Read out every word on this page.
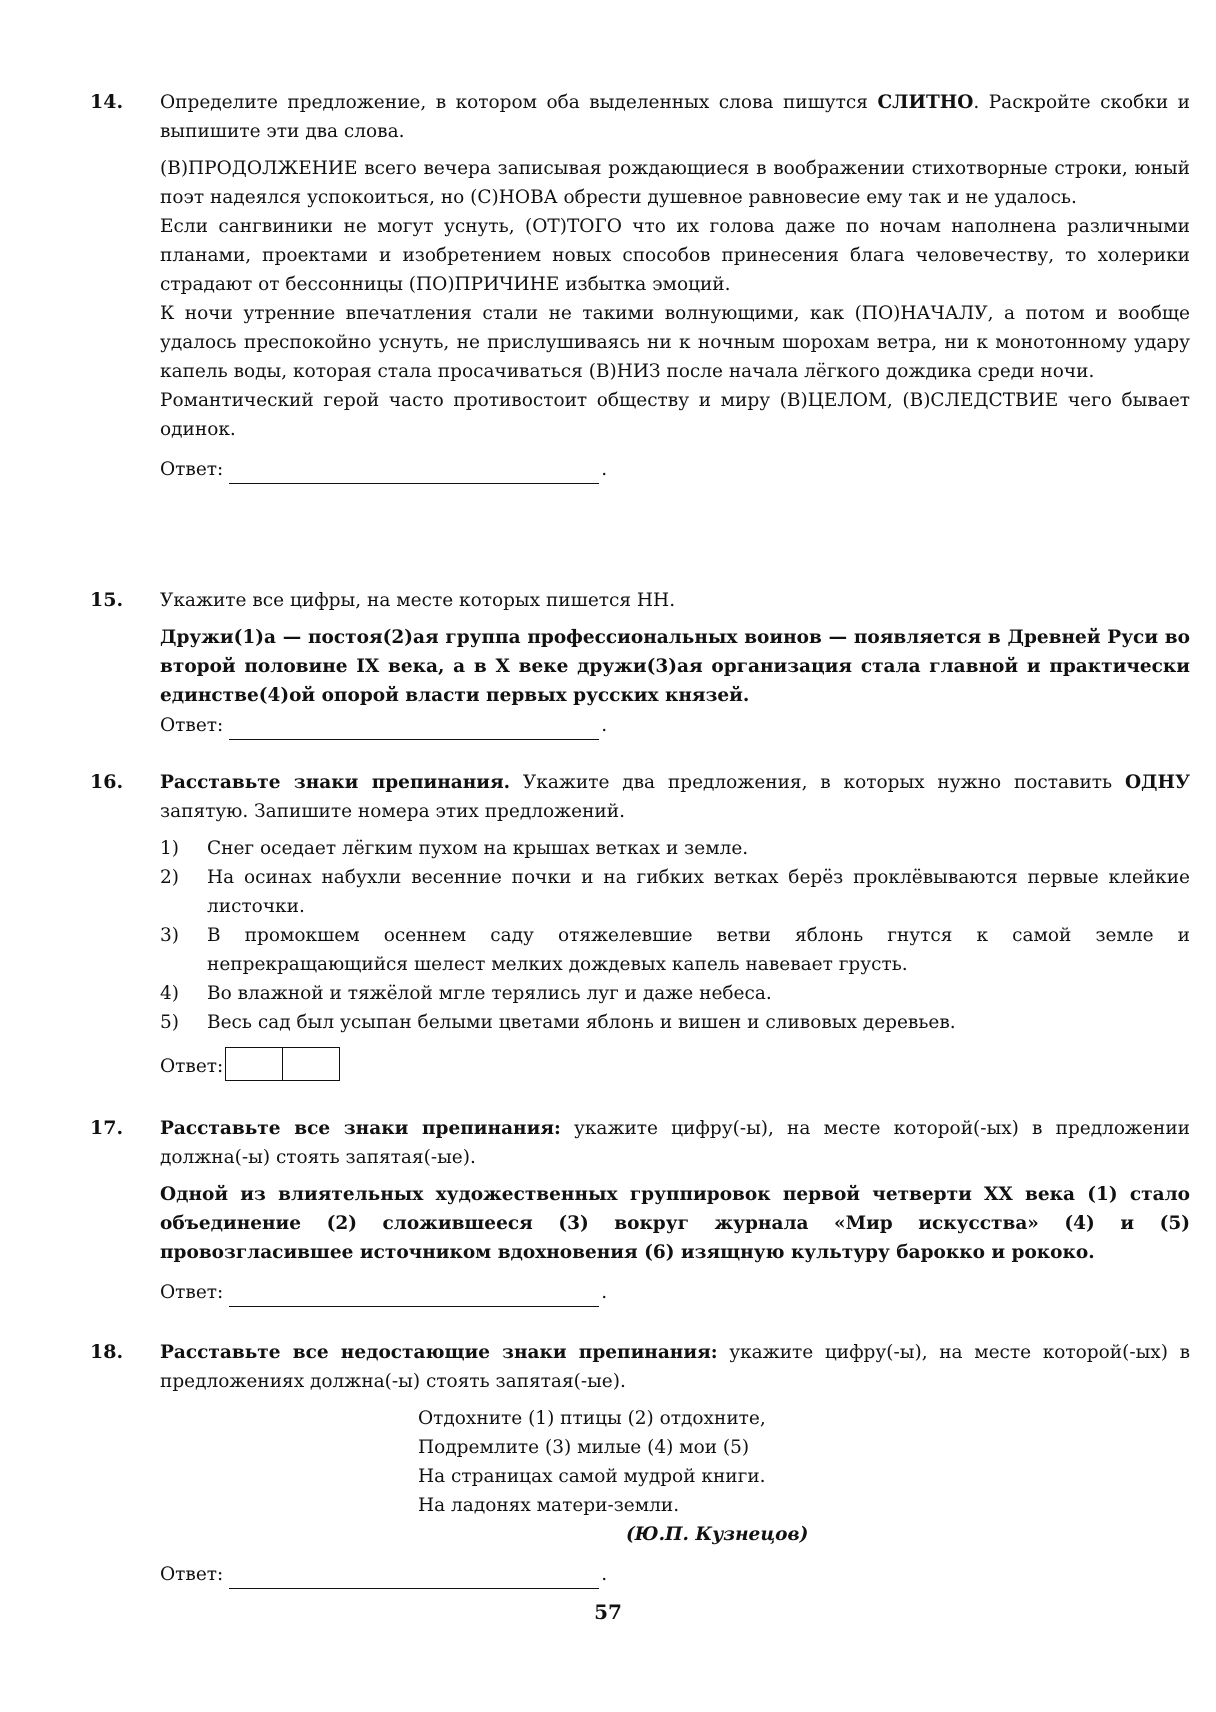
14. Определите предложение, в котором оба выделенных слова пишутся СЛИТНО. Раскройте скобки и выпишите эти два слова.

(В)ПРОДОЛЖЕНИЕ всего вечера записывая рождающиеся в воображении стихотворные строки, юный поэт надеялся успокоиться, но (С)НОВА обрести душевное равновесие ему так и не удалось.

Если сангвиники не могут уснуть, (ОТ)ТОГО что их голова даже по ночам наполнена различными планами, проектами и изобретением новых способов принесения блага человечеству, то холерики страдают от бессонницы (ПО)ПРИЧИНЕ избытка эмоций.

К ночи утренние впечатления стали не такими волнующими, как (ПО)НАЧАЛУ, а потом и вообще удалось преспокойно уснуть, не прислушиваясь ни к ночным шорохам ветра, ни к монотонному удару капель воды, которая стала просачиваться (В)НИЗ после начала лёгкого дождика среди ночи.

Романтический герой часто противостоит обществу и миру (В)ЦЕЛОМ, (В)СЛЕДСТВИЕ чего бывает одинок.

Ответ:	.
15. Укажите все цифры, на месте которых пишется НН.

Дружи(1)а — постоя(2)ая группа профессиональных воинов — появляется в Древней Руси во второй половине IX века, а в X веке дружи(3)ая организация стала главной и практически единстве(4)ой опорой власти первых русских князей.

Ответ:	.
16. Расставьте знаки препинания. Укажите два предложения, в которых нужно поставить ОДНУ запятую. Запишите номера этих предложений.

1) Снег оседает лёгким пухом на крышах ветках и земле.
2) На осинах набухли весенние почки и на гибких ветках берёз проклёвываются первые клейкие листочки.
3) В промокшем осеннем саду отяжелевшие ветви яблонь гнутся к самой земле и непрекращающийся шелест мелких дождевых капель навевает грусть.
4) Во влажной и тяжёлой мгле терялись луг и даже небеса.
5) Весь сад был усыпан белыми цветами яблонь и вишен и сливовых деревьев.
Ответ:
17. Расставьте все знаки препинания: укажите цифру(-ы), на месте которой(-ых) в предложении должна(-ы) стоять запятая(-ые).

Одной из влиятельных художественных группировок первой четверти XX века (1) стало объединение (2) сложившееся (3) вокруг журнала «Мир искусства» (4) и (5) провозгласившее источником вдохновения (6) изящную культуру барокко и рококо.

Ответ:	.
18. Расставьте все недостающие знаки препинания: укажите цифру(-ы), на месте которой(-ых) в предложениях должна(-ы) стоять запятая(-ые).

Отдохните (1) птицы (2) отдохните,

Подремлите (3) милые (4) мои (5)

На страницах самой мудрой книги.

На ладонях матери-земли.

(Ю.П. Кузнецов)

Ответ:	.
57
